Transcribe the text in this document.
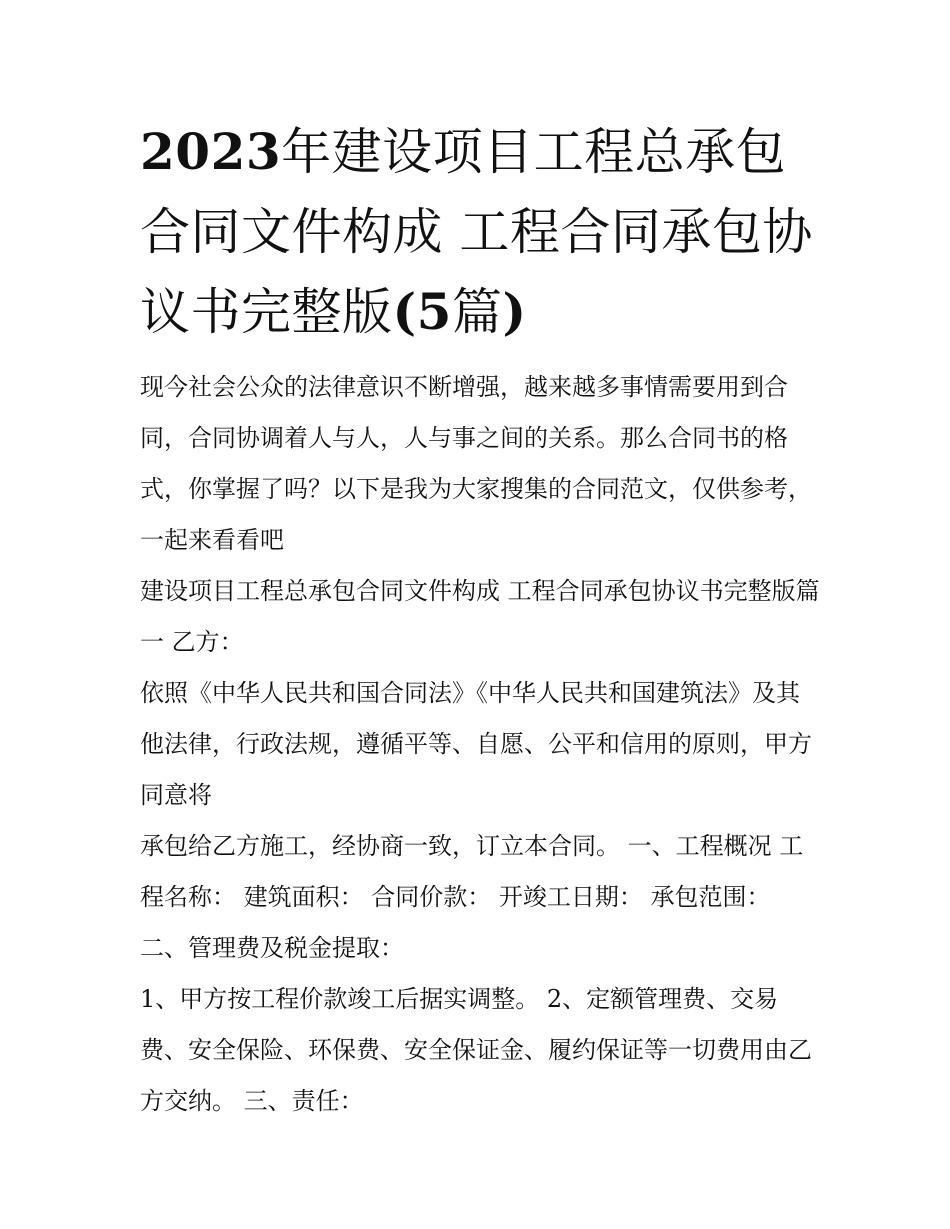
2023年建设项目工程总承包合同文件构成 工程合同承包协议书完整版(5篇)

现今社会公众的法律意识不断增强，越来越多事情需要用到合同，合同协调着人与人，人与事之间的关系。那么合同书的格式，你掌握了吗？以下是我为大家搜集的合同范文，仅供参考，一起来看看吧

建设项目工程总承包合同文件构成 工程合同承包协议书完整版篇一 乙方：

依照《中华人民共和国合同法》《中华人民共和国建筑法》及其他法律，行政法规，遵循平等、自愿、公平和信用的原则，甲方同意将

承包给乙方施工，经协商一致，订立本合同。 一、工程概况 工程名称： 建筑面积： 合同价款： 开竣工日期： 承包范围： 二、管理费及税金提取：

1、甲方按工程价款竣工后据实调整。 2、定额管理费、交易费、安全保险、环保费、安全保证金、履约保证等一切费用由乙方交纳。 三、责任：
